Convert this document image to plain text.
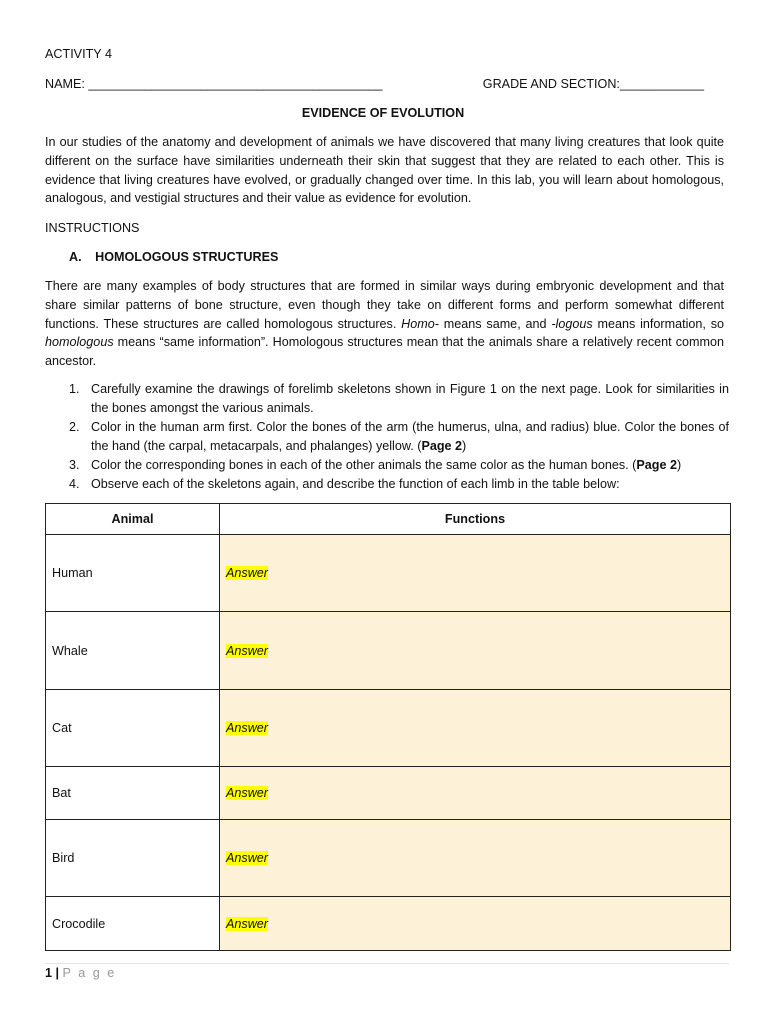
ACTIVITY 4
NAME: __________________________________________	GRADE AND SECTION:____________
EVIDENCE OF EVOLUTION
In our studies of the anatomy and development of animals we have discovered that many living creatures that look quite different on the surface have similarities underneath their skin that suggest that they are related to each other. This is evidence that living creatures have evolved, or gradually changed over time. In this lab, you will learn about homologous, analogous, and vestigial structures and their value as evidence for evolution.
INSTRUCTIONS
A. HOMOLOGOUS STRUCTURES
There are many examples of body structures that are formed in similar ways during embryonic development and that share similar patterns of bone structure, even though they take on different forms and perform somewhat different functions. These structures are called homologous structures. Homo- means same, and -logous means information, so homologous means “same information”. Homologous structures mean that the animals share a relatively recent common ancestor.
1. Carefully examine the drawings of forelimb skeletons shown in Figure 1 on the next page. Look for similarities in the bones amongst the various animals.
2. Color in the human arm first. Color the bones of the arm (the humerus, ulna, and radius) blue. Color the bones of the hand (the carpal, metacarpals, and phalanges) yellow. (Page 2)
3. Color the corresponding bones in each of the other animals the same color as the human bones. (Page 2)
4. Observe each of the skeletons again, and describe the function of each limb in the table below:
Animal	Functions
Human	Answer
Whale	Answer
Cat	Answer
Bat	Answer
Bird	Answer
Crocodile	Answer
1 | P a g e
